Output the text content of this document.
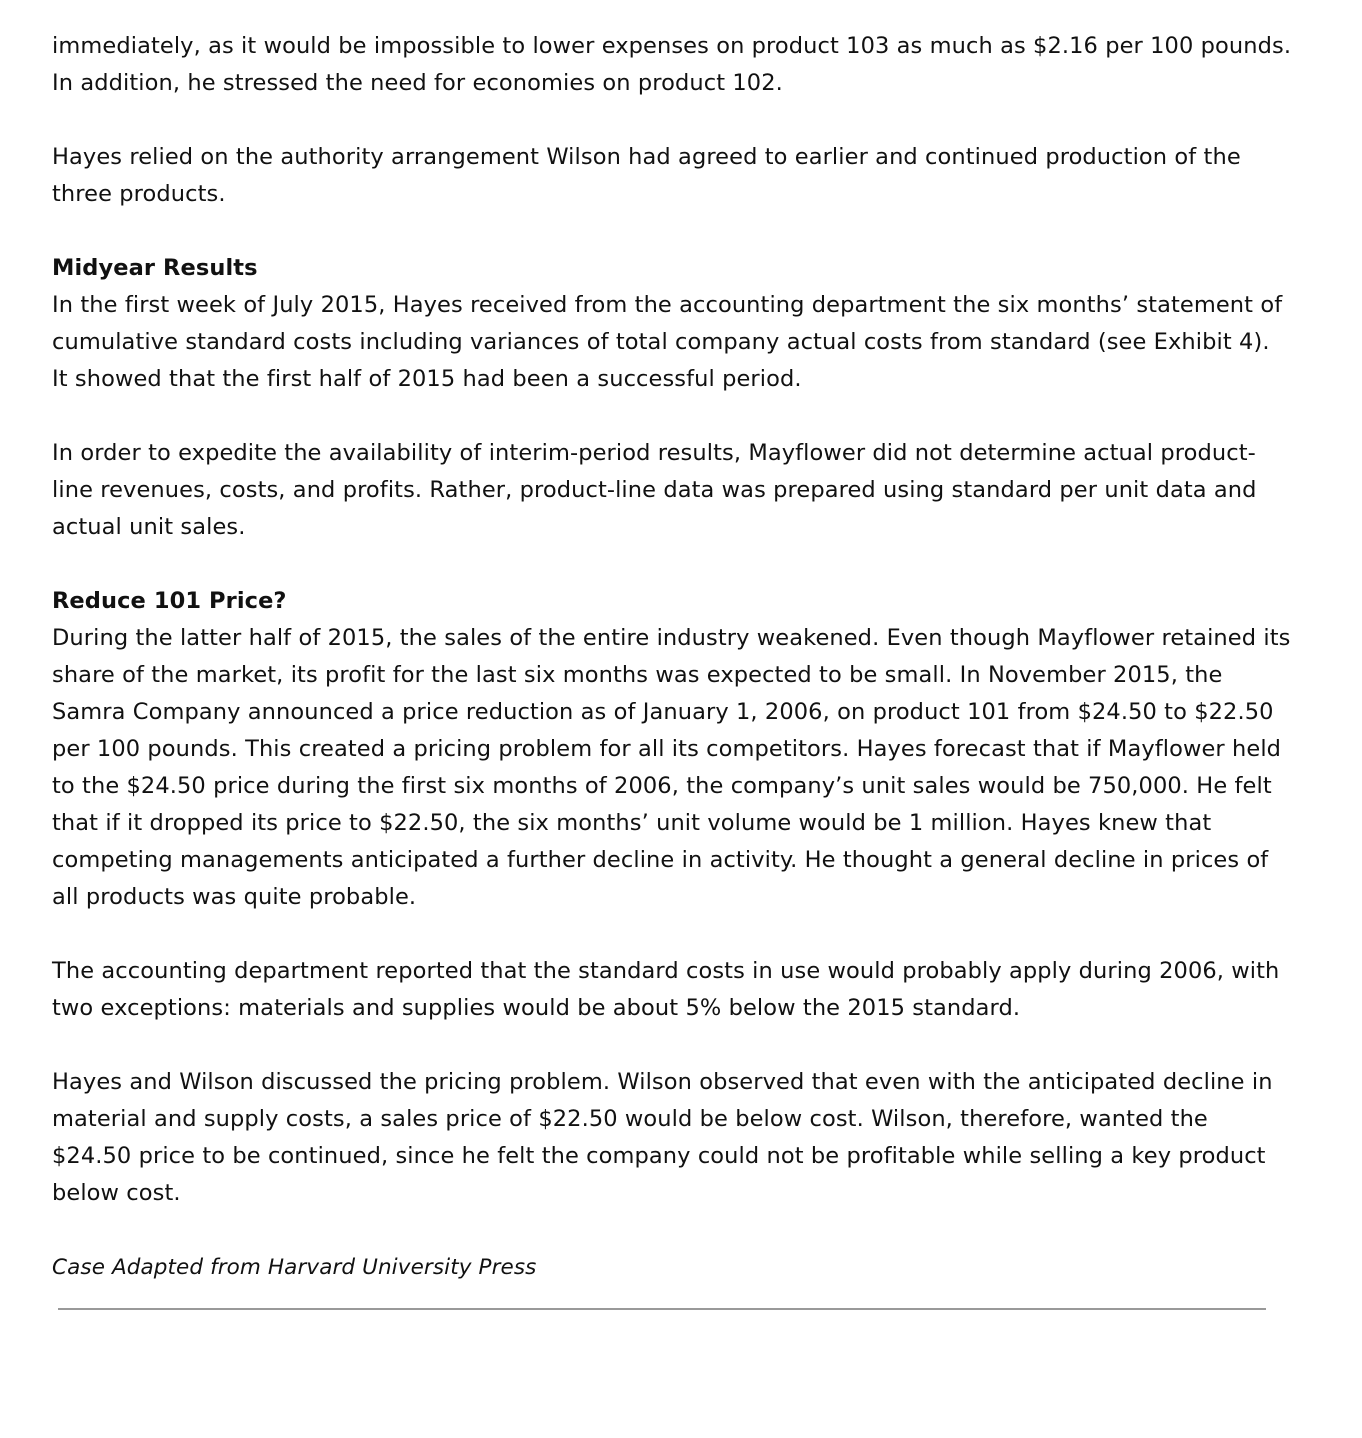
immediately, as it would be impossible to lower expenses on product 103 as much as $2.16 per 100 pounds. In addition, he stressed the need for economies on product 102.

Hayes relied on the authority arrangement Wilson had agreed to earlier and continued production of the three products.

Midyear Results

In the first week of July 2015, Hayes received from the accounting department the six months’ statement of cumulative standard costs including variances of total company actual costs from standard (see Exhibit 4). It showed that the first half of 2015 had been a successful period.

In order to expedite the availability of interim-period results, Mayflower did not determine actual product-line revenues, costs, and profits. Rather, product-line data was prepared using standard per unit data and actual unit sales.

Reduce 101 Price?

During the latter half of 2015, the sales of the entire industry weakened. Even though Mayflower retained its share of the market, its profit for the last six months was expected to be small. In November 2015, the Samra Company announced a price reduction as of January 1, 2006, on product 101 from $24.50 to $22.50 per 100 pounds. This created a pricing problem for all its competitors. Hayes forecast that if Mayflower held to the $24.50 price during the first six months of 2006, the company’s unit sales would be 750,000. He felt that if it dropped its price to $22.50, the six months’ unit volume would be 1 million. Hayes knew that competing managements anticipated a further decline in activity. He thought a general decline in prices of all products was quite probable.

The accounting department reported that the standard costs in use would probably apply during 2006, with two exceptions: materials and supplies would be about 5% below the 2015 standard.

Hayes and Wilson discussed the pricing problem. Wilson observed that even with the anticipated decline in material and supply costs, a sales price of $22.50 would be below cost. Wilson, therefore, wanted the $24.50 price to be continued, since he felt the company could not be profitable while selling a key product below cost.

Case Adapted from Harvard University Press
